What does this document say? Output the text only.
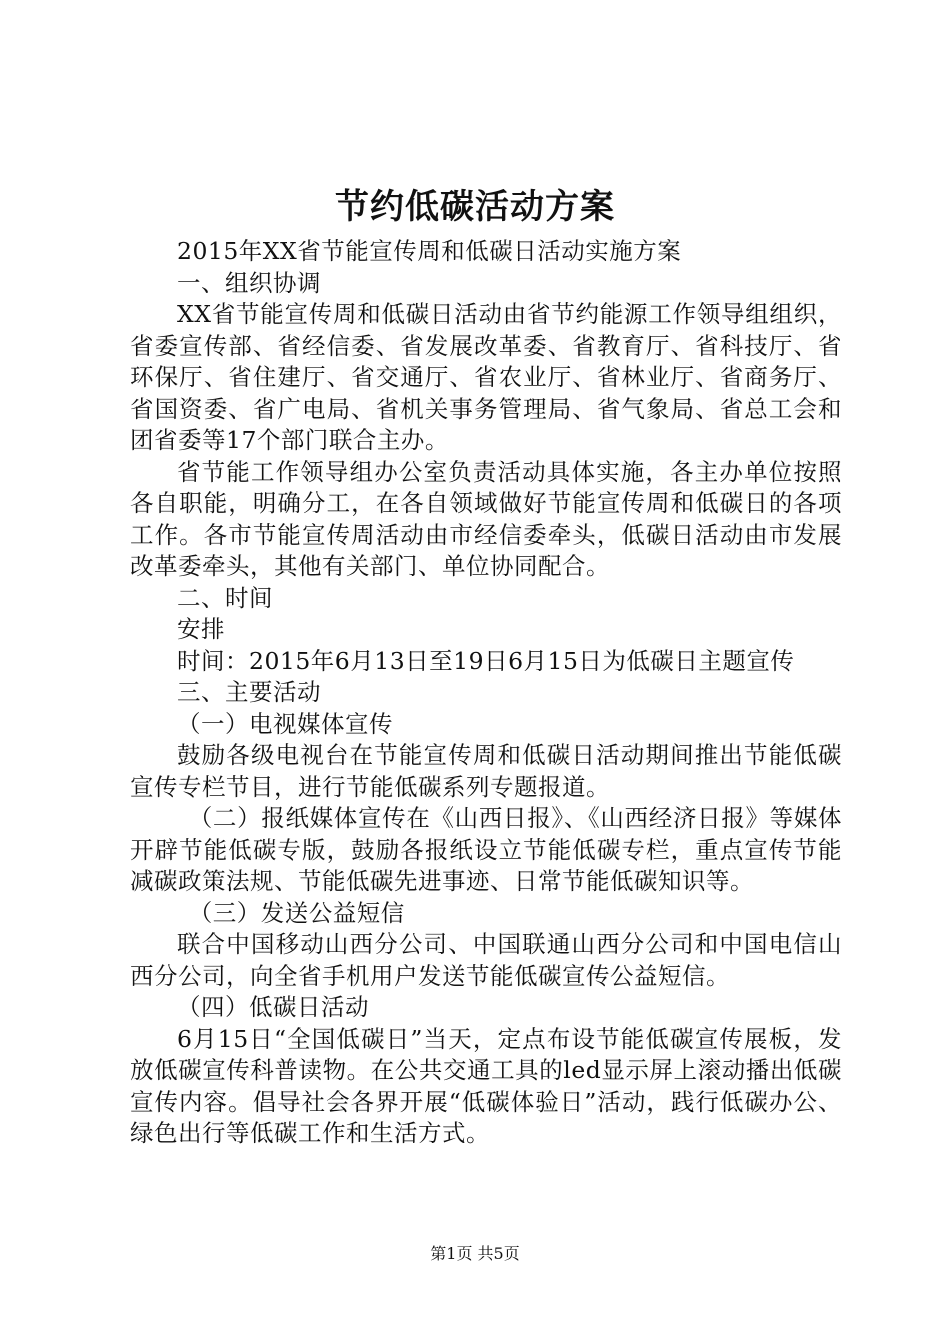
节约低碳活动方案

2015年XX省节能宣传周和低碳日活动实施方案

一、组织协调

XX省节能宣传周和低碳日活动由省节约能源工作领导组组织，省委宣传部、省经信委、省发展改革委、省教育厅、省科技厅、省环保厅、省住建厅、省交通厅、省农业厅、省林业厅、省商务厅、省国资委、省广电局、省机关事务管理局、省气象局、省总工会和团省委等17个部门联合主办。

省节能工作领导组办公室负责活动具体实施，各主办单位按照各自职能，明确分工，在各自领域做好节能宣传周和低碳日的各项工作。各市节能宣传周活动由市经信委牵头，低碳日活动由市发展改革委牵头，其他有关部门、单位协同配合。

二、时间

安排

时间：2015年6月13日至19日6月15日为低碳日主题宣传

三、主要活动

（一）电视媒体宣传

鼓励各级电视台在节能宣传周和低碳日活动期间推出节能低碳宣传专栏节目，进行节能低碳系列专题报道。

（二）报纸媒体宣传在《山西日报》、《山西经济日报》等媒体开辟节能低碳专版，鼓励各报纸设立节能低碳专栏，重点宣传节能减碳政策法规、节能低碳先进事迹、日常节能低碳知识等。

（三）发送公益短信

联合中国移动山西分公司、中国联通山西分公司和中国电信山西分公司，向全省手机用户发送节能低碳宣传公益短信。

（四）低碳日活动

6月15日“全国低碳日”当天，定点布设节能低碳宣传展板，发放低碳宣传科普读物。在公共交通工具的led显示屏上滚动播出低碳宣传内容。倡导社会各界开展“低碳体验日”活动，践行低碳办公、绿色出行等低碳工作和生活方式。

第1页 共5页
